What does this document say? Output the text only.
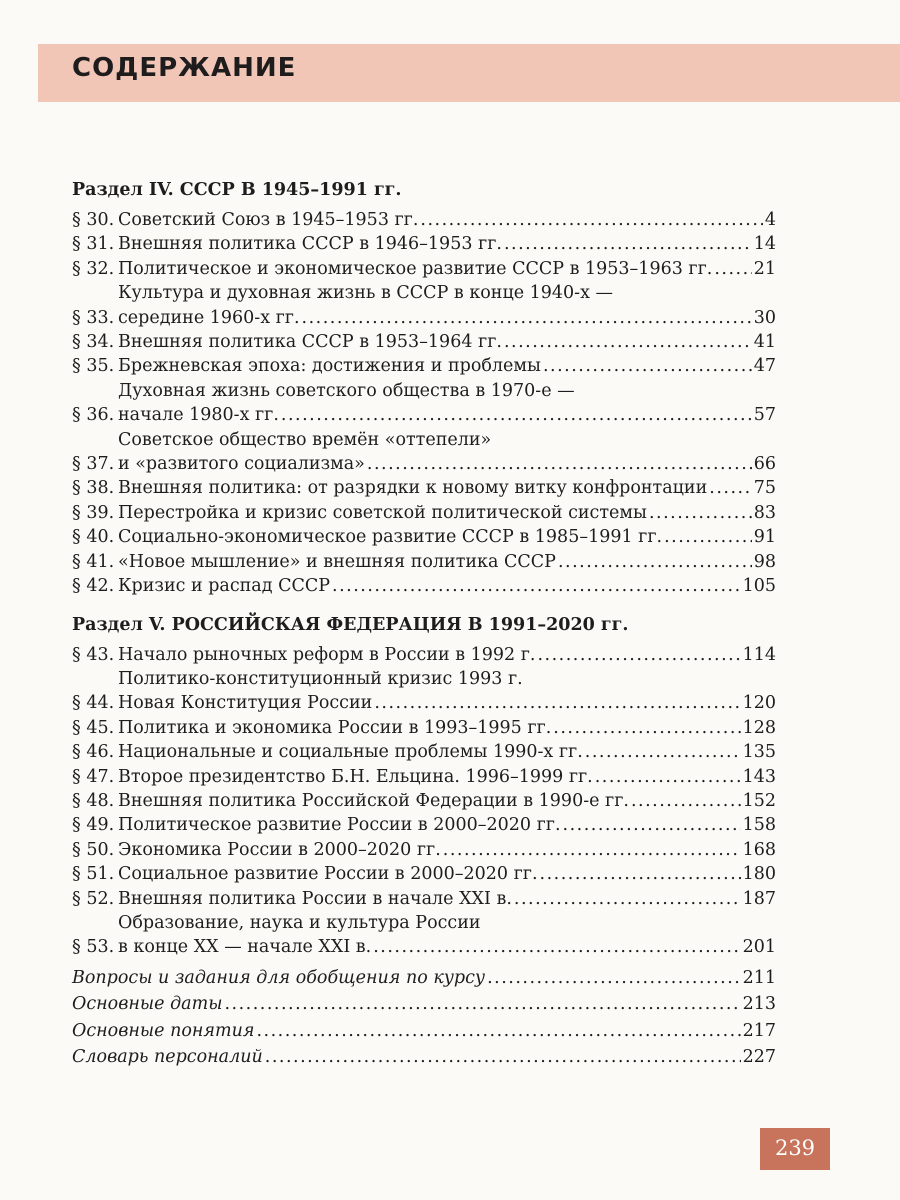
СОДЕРЖАНИЕ
Раздел IV. СССР В 1945–1991 гг.
§ 30. Советский Союз в 1945–1953 гг. .....	4
§ 31. Внешняя политика СССР в 1946–1953 гг. .....	14
§ 32. Политическое и экономическое развитие СССР в 1953–1963 гг. ..... 21
§ 33.
Культура и духовная жизнь в СССР в конце 1940-х —
середине 1960-х гг. .....	30
§ 34. Внешняя политика СССР в 1953–1964 гг. .....	41
§ 35. Брежневская эпоха: достижения и проблемы .....	47
§ 36.
Духовная жизнь советского общества в 1970-е —
начале 1980-х гг. .....	57
§ 37.
Советское общество времён «оттепели»
и «развитого социализма» .....	66
§ 38. Внешняя политика: от разрядки к новому витку конфронтации .....	75
§ 39. Перестройка и кризис советской политической системы .....	83
§ 40. Социально-экономическое развитие СССР в 1985–1991 гг. .....	91
§ 41. «Новое мышление» и внешняя политика СССР .....	98
§ 42. Кризис и распад СССР .....	105
Раздел V. РОССИЙСКАЯ ФЕДЕРАЦИЯ В 1991–2020 гг.
§ 43. Начало рыночных реформ в России в 1992 г. .....	114
§ 44.
Политико-конституционный кризис 1993 г.
Новая Конституция России .....	120
§ 45. Политика и экономика России в 1993–1995 гг. .....	128
§ 46. Национальные и социальные проблемы 1990-х гг. .....	135
§ 47. Второе президентство Б.Н. Ельцина. 1996–1999 гг. .....	143
§ 48. Внешняя политика Российской Федерации в 1990-е гг. .....	152
§ 49. Политическое развитие России в 2000–2020 гг. .....	158
§ 50. Экономика России в 2000–2020 гг. .....	168
§ 51. Социальное развитие России в 2000–2020 гг. .....	180
§ 52. Внешняя политика России в начале XXI в. .....	187
§ 53.
Образование, наука и культура России
в конце XX — начале XXI в. .....	201
Вопросы и задания для обобщения по курсу .....	211
Основные даты .....	213
Основные понятия .....	217
Словарь персоналий .....	227
239
